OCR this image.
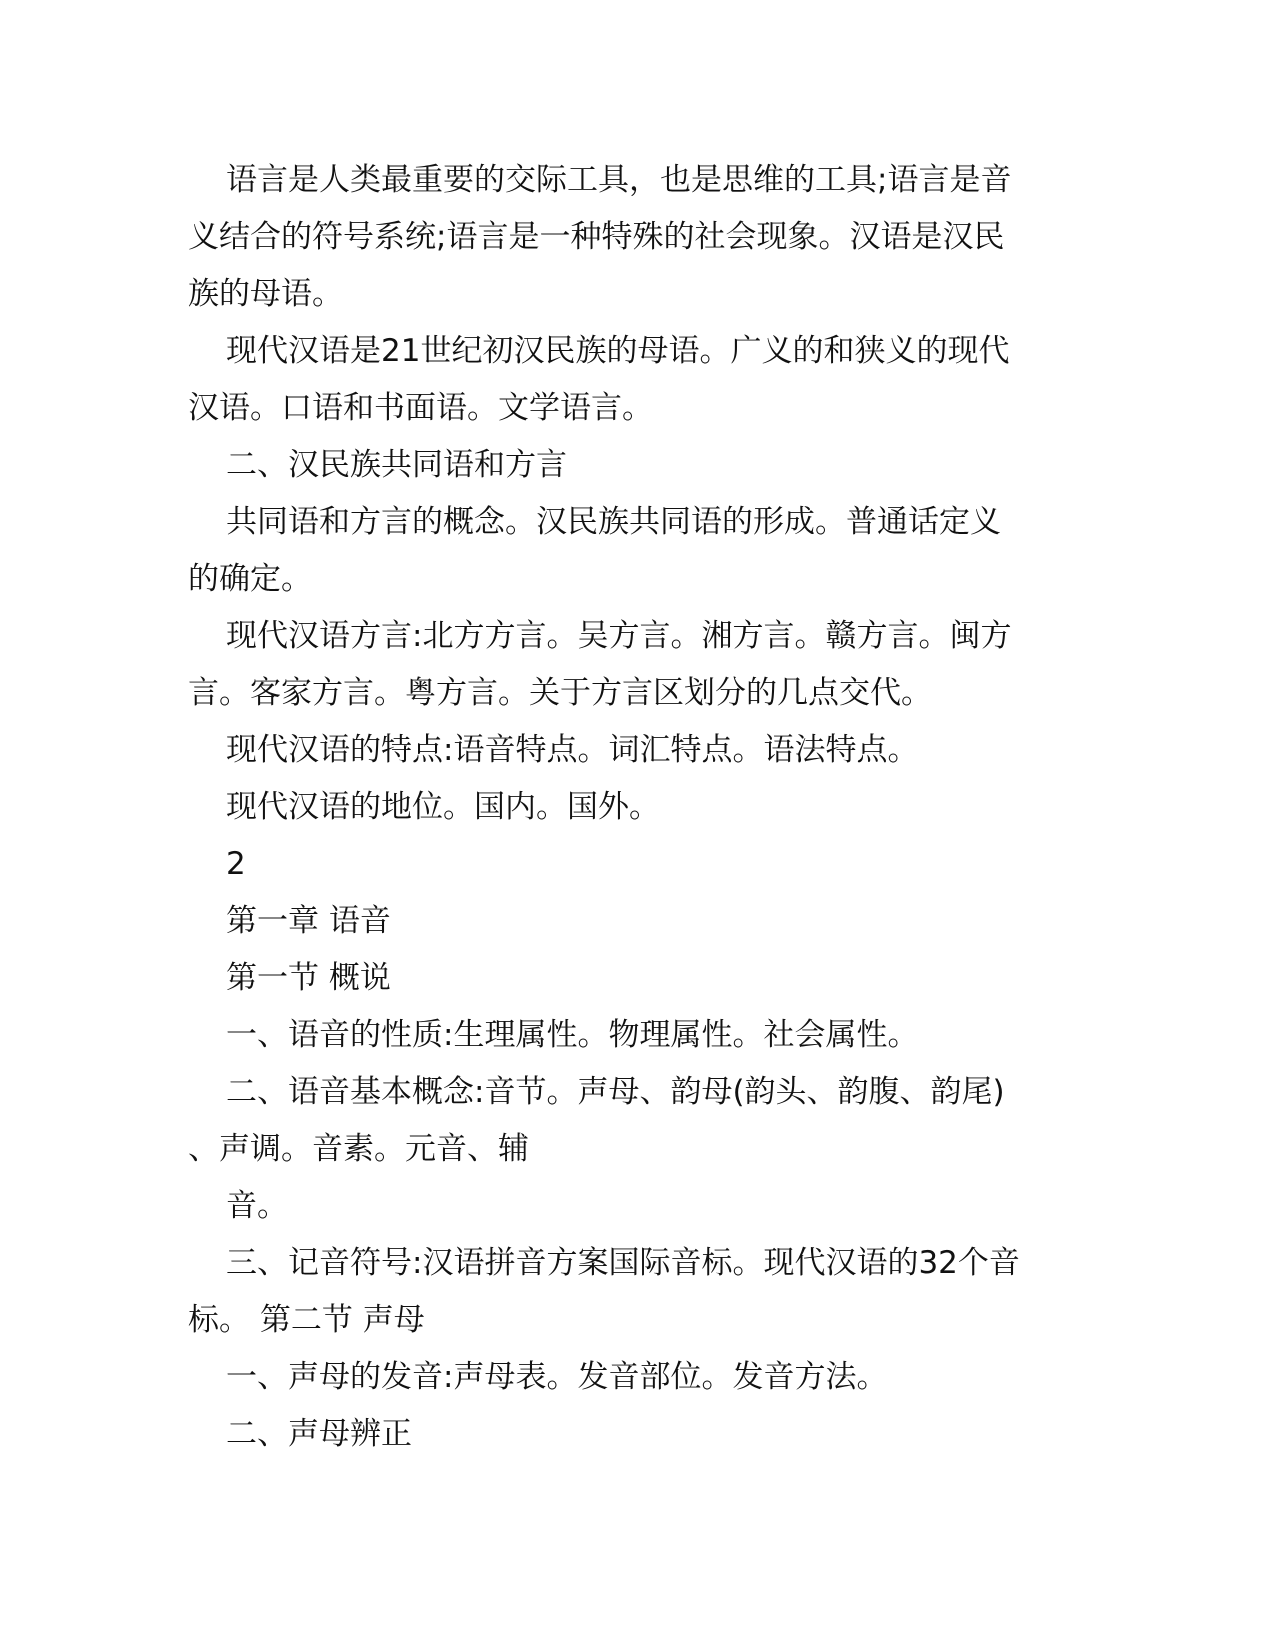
语言是人类最重要的交际工具，也是思维的工具;语言是音
义结合的符号系统;语言是一种特殊的社会现象。汉语是汉民
族的母语。
现代汉语是21世纪初汉民族的母语。广义的和狭义的现代
汉语。口语和书面语。文学语言。
二、汉民族共同语和方言
共同语和方言的概念。汉民族共同语的形成。普通话定义
的确定。
现代汉语方言:北方方言。吴方言。湘方言。赣方言。闽方
言。客家方言。粤方言。关于方言区划分的几点交代。
现代汉语的特点:语音特点。词汇特点。语法特点。
现代汉语的地位。国内。国外。
2
第一章 语音
第一节 概说
一、语音的性质:生理属性。物理属性。社会属性。
二、语音基本概念:音节。声母、韵母(韵头、韵腹、韵尾)
、声调。音素。元音、辅
音。
三、记音符号:汉语拼音方案国际音标。现代汉语的32个音
标。 第二节 声母
一、声母的发音:声母表。发音部位。发音方法。
二、声母辨正
